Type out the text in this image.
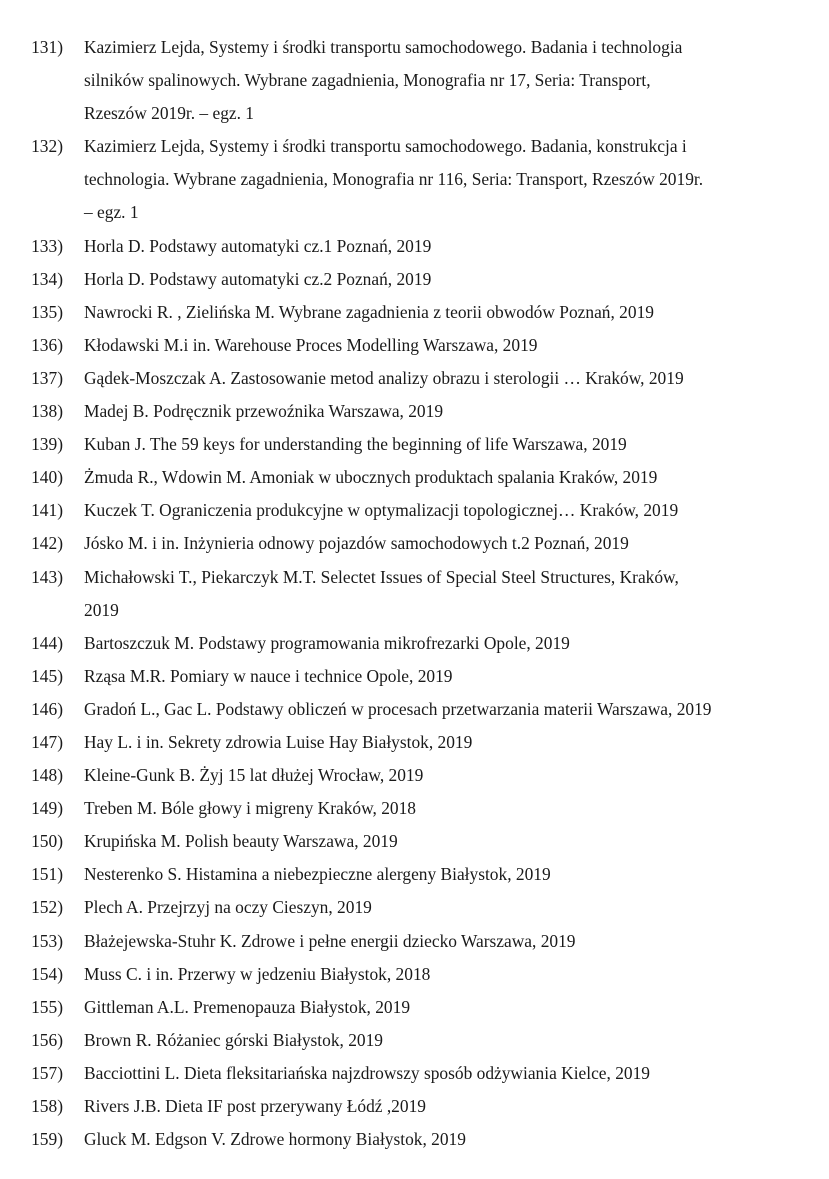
131)	Kazimierz Lejda, Systemy i środki transportu samochodowego. Badania i technologia
silników spalinowych. Wybrane zagadnienia, Monografia nr 17, Seria: Transport,
Rzeszów 2019r. – egz. 1
132)	Kazimierz Lejda, Systemy i środki transportu samochodowego. Badania, konstrukcja i
technologia. Wybrane zagadnienia, Monografia nr 116, Seria: Transport, Rzeszów 2019r.
– egz. 1
133)	Horla D. Podstawy automatyki cz.1 Poznań, 2019
134)	Horla D. Podstawy automatyki cz.2 Poznań, 2019
135)	Nawrocki R. , Zielińska M. Wybrane zagadnienia z teorii obwodów Poznań, 2019
136)	Kłodawski M.i in. Warehouse Proces Modelling Warszawa, 2019
137)	Gądek-Moszczak A. Zastosowanie metod analizy obrazu i sterologii … Kraków, 2019
138)	Madej B. Podręcznik przewoźnika Warszawa, 2019
139)	Kuban J. The 59 keys for understanding the beginning of life Warszawa, 2019
140)	Żmuda R., Wdowin M. Amoniak w ubocznych produktach spalania Kraków, 2019
141)	Kuczek T. Ograniczenia produkcyjne w optymalizacji topologicznej… Kraków, 2019
142)	Jósko M. i in. Inżynieria odnowy pojazdów samochodowych t.2 Poznań, 2019
143)	Michałowski T., Piekarczyk M.T. Selectet Issues of Special Steel Structures, Kraków,
2019
144)	Bartoszczuk M. Podstawy programowania mikrofrezarki Opole, 2019
145)	Rząsa M.R. Pomiary w nauce i technice Opole, 2019
146)	Gradoń L., Gac L. Podstawy obliczeń w procesach przetwarzania materii Warszawa, 2019
147)	Hay L. i in. Sekrety zdrowia Luise Hay Białystok, 2019
148)	Kleine-Gunk B. Żyj 15 lat dłużej Wrocław, 2019
149)	Treben M. Bóle głowy i migreny Kraków, 2018
150)	Krupińska M. Polish beauty Warszawa, 2019
151)	Nesterenko S. Histamina a niebezpieczne alergeny Białystok, 2019
152)	Plech A. Przejrzyj na oczy Cieszyn, 2019
153)	Błażejewska-Stuhr K. Zdrowe i pełne energii dziecko Warszawa, 2019
154)	Muss C. i in. Przerwy w jedzeniu Białystok, 2018
155)	Gittleman A.L. Premenopauza Białystok, 2019
156)	Brown R. Różaniec górski Białystok, 2019
157)	Bacciottini L. Dieta fleksitariańska najzdrowszy sposób odżywiania Kielce, 2019
158)	Rivers J.B. Dieta IF post przerywany Łódź ,2019
159)	Gluck M. Edgson V. Zdrowe hormony Białystok, 2019
